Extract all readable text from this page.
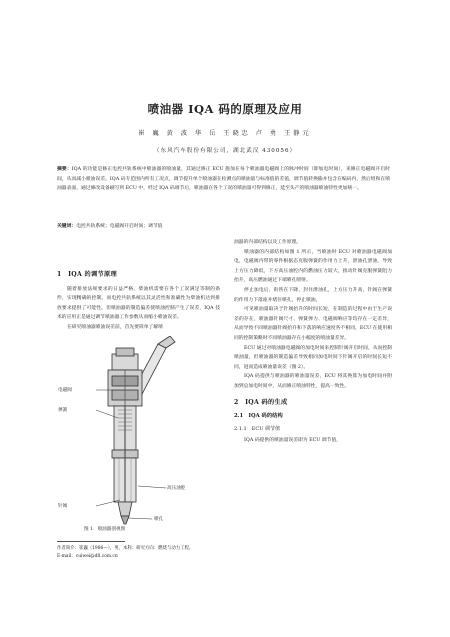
喷油器 IQA 码的原理及应用
崔 巍 黄 波 华 岳 王晓忠 卢 勇 王静元
（东风汽车股份有限公司，湖北武汉 430056）
摘要：IQA 的功能是修正电控共轨系统中喷油器的喷油量，其通过修正 ECU 施加在每个喷油器电磁阀上的脉冲时间（即加电时间），来修正电磁阀开启时间，从而减小喷油误差。IQA 码专范围内所有工况点，调节提升单个喷油器在检测点的喷油量与标准值的差值，调节值转换输并包含在编码内，然后组和在喷油器表面，通过修改设备刷写到 ECU 中，经过 IQA 码调节后，喷油器在各个工况的喷油量可得到修正，延至头产的喷油器喷油特性更加统一。
关键词：电控共轨系统；电磁阀开启时间；调节值
1　IQA 的调节原理

随着排放法规要求的日益严格，柴油机需要在各个工况满足等制的条件，实现精确的控制。而电控共轨系统以其灵活性和准确性为柴油机达到排放要求提供了可能性。但喷油器的制造偏差使喷油控制产生了误差，IQA 技术的应用正是通过调节喷油器工作参数从而缩小喷油误差。

在研究喷油器喷油误差前，首先要简单了解喷

电磁阀
弹簧
高压油腔
针阀
喷孔
图 1　喷油器剖视图
油器的内部结构以及工作原理。

喷油器的内部结构如图 1 所示，当喷油时 ECU 对喷油器电磁阀加电，电磁阀内带的零件根据态克服弹簧的作用力上升，泄油孔泄油，导致上方压力降低，下方高压油腔内的燃油压力较大，推动针阀克服弹簧阻力抬升，高压燃油通过下端喷孔喷射。

停止加电后，衔铁在下降，封住泄油孔，上方压力升高，针阀在弹簧的作用力下落座并堵住喷孔，停止喷油。

可见喷油量取决于针阀抬升的时间长短，在制造的过程中由于生产误差的存在，喷油器针阀尺寸、弹簧弹力、电磁阀响应等均存在一定差异，从而导致不同喷油器针阀抬升和下落的响应速度各不相同，ECU 在使用相同的控制策略时不同喷油器存在小幅度的喷油量差异。

ECU 通过对喷油器电磁阀的加电时间来控制针阀开启时间，从而控制喷油量，但喷油器的制造偏差导致相同加电时间下针阀开启的时间长短不同，进而造成喷油量误差（图 2）。

IQA 码提供与喷油器的喷油量误差，ECU 将其换算为加电时间并附加到总加电时间中，从而修正喷油特性，提高一致性。

2　IQA 码的生成
2.1　IQA 码的结构
2.1.1　ECU 调节值

IQA 码提供的喷油量误差即为 ECU 调节值，

作者简介：崔巍（1986—），男，本科；研究方向：燃烧与动力工程。
E-mail：cuiwei@dfl.com.cn
